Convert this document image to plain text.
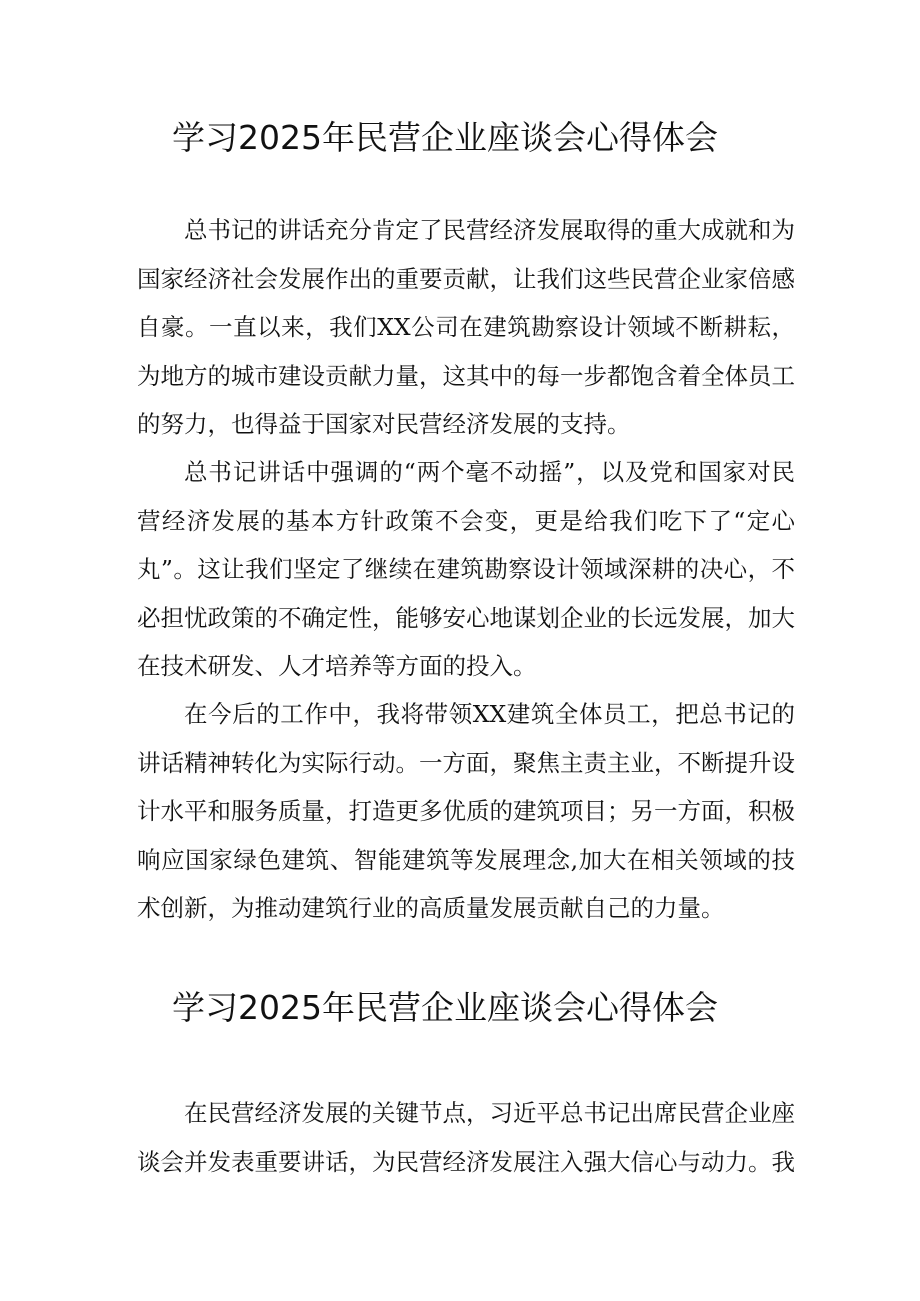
学习2025年民营企业座谈会心得体会

总书记的讲话充分肯定了民营经济发展取得的重大成就和为国家经济社会发展作出的重要贡献，让我们这些民营企业家倍感自豪。一直以来，我们XX公司在建筑勘察设计领域不断耕耘，为地方的城市建设贡献力量，这其中的每一步都饱含着全体员工的努力，也得益于国家对民营经济发展的支持。

总书记讲话中强调的“两个毫不动摇”，以及党和国家对民营经济发展的基本方针政策不会变，更是给我们吃下了“定心丸”。这让我们坚定了继续在建筑勘察设计领域深耕的决心，不必担忧政策的不确定性，能够安心地谋划企业的长远发展，加大在技术研发、人才培养等方面的投入。

在今后的工作中，我将带领XX建筑全体员工，把总书记的讲话精神转化为实际行动。一方面，聚焦主责主业，不断提升设计水平和服务质量，打造更多优质的建筑项目；另一方面，积极响应国家绿色建筑、智能建筑等发展理念,加大在相关领域的技术创新，为推动建筑行业的高质量发展贡献自己的力量。

学习2025年民营企业座谈会心得体会

在民营经济发展的关键节点，习近平总书记出席民营企业座谈会并发表重要讲话，为民营经济发展注入强大信心与动力。我
